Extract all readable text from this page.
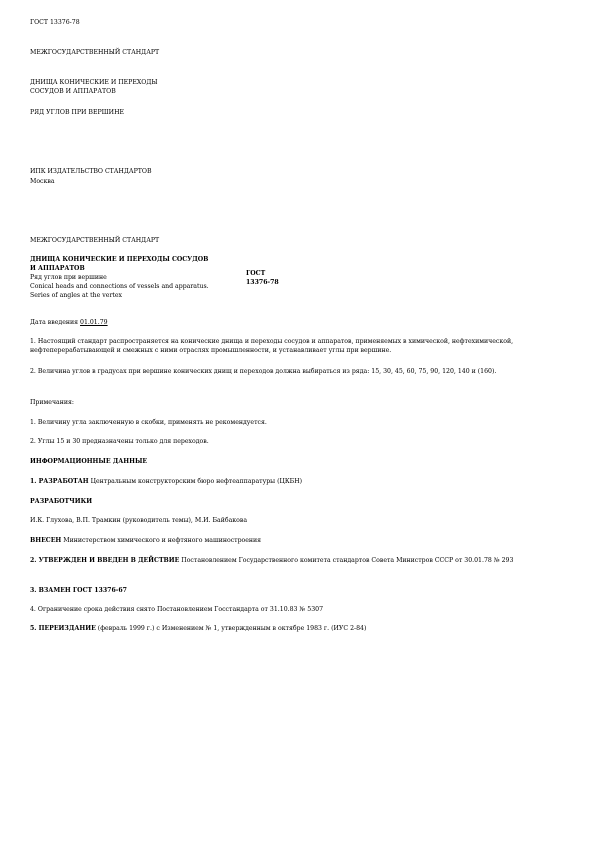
ГОСТ 13376-78
МЕЖГОСУДАРСТВЕННЫЙ СТАНДАРТ
ДНИЩА КОНИЧЕСКИЕ И ПЕРЕХОДЫ
СОСУДОВ И АППАРАТОВ
РЯД УГЛОВ ПРИ ВЕРШИНЕ
ИПК ИЗДАТЕЛЬСТВО СТАНДАРТОВ
Москва
МЕЖГОСУДАРСТВЕННЫЙ СТАНДАРТ
ДНИЩА КОНИЧЕСКИЕ И ПЕРЕХОДЫ СОСУДОВ
И АППАРАТОВ
Ряд углов при вершине
Conical heads and connections of vessels and apparatus.
Series of angles at the vertex
ГОСТ
13376-78
Дата введения 01.01.79
1. Настоящий стандарт распространяется на конические днища и переходы сосудов и аппаратов, применяемых в химической, нефтехимической, нефтеперерабатывающей и смежных с ними отраслях промышленности, и устанавливает углы при вершине.
2. Величина углов в градусах при вершине конических днищ и переходов должна выбираться из ряда: 15, 30, 45, 60, 75, 90, 120, 140 и (160).
Примечания:
1. Величину угла заключенную в скобки, применять не рекомендуется.
2. Углы 15 и 30 предназначены только для переходов.
ИНФОРМАЦИОННЫЕ ДАННЫЕ
1. РАЗРАБОТАН Центральным конструкторским бюро нефтеаппаратуры (ЦКБН)
РАЗРАБОТЧИКИ
И.К. Глухова, В.П. Трамкин (руководитель темы), М.И. Байбакова
ВНЕСЕН Министерством химического и нефтяного машиностроения
2. УТВЕРЖДЕН И ВВЕДЕН В ДЕЙСТВИЕ Постановлением Государственного комитета стандартов Совета Министров СССР от 30.01.78 № 293
3. ВЗАМЕН ГОСТ 13376-67
4. Ограничение срока действия снято Постановлением Госстандарта от 31.10.83 № 5307
5. ПЕРЕИЗДАНИЕ (февраль 1999 г.) с Изменением № 1, утвержденным в октябре 1983 г. (ИУС 2-84)
